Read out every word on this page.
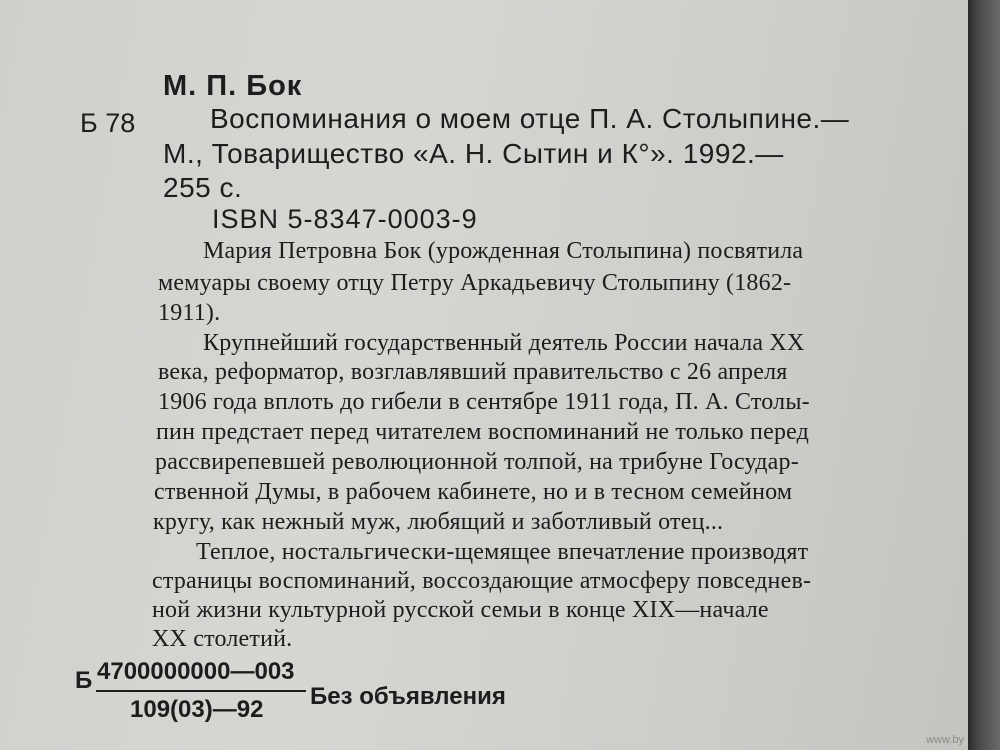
М. П. Бок
Б 78	Воспоминания о моем отце П. А. Столыпине.—
М., Товарищество «А. Н. Сытин и К°». 1992.—
255 с.
ISBN 5-8347-0003-9
Мария Петровна Бок (урожденная Столыпина) посвятила
мемуары своему отцу Петру Аркадьевичу Столыпину (1862-
1911).
Крупнейший государственный деятель России начала XX
века, реформатор, возглавлявший правительство с 26 апреля
1906 года вплоть до гибели в сентябре 1911 года, П. А. Столы-
пин предстает перед читателем воспоминаний не только перед
рассвирепевшей революционной толпой, на трибуне Государ-
ственной Думы, в рабочем кабинете, но и в тесном семейном
кругу, как нежный муж, любящий и заботливый отец...
Теплое, ностальгически-щемящее впечатление производят
страницы воспоминаний, воссоздающие атмосферу повседнев-
ной жизни культурной русской семьи в конце XIX—начале
XX столетий.
Б 4700000000—003
109(03)—92 Без объявления
www.by
